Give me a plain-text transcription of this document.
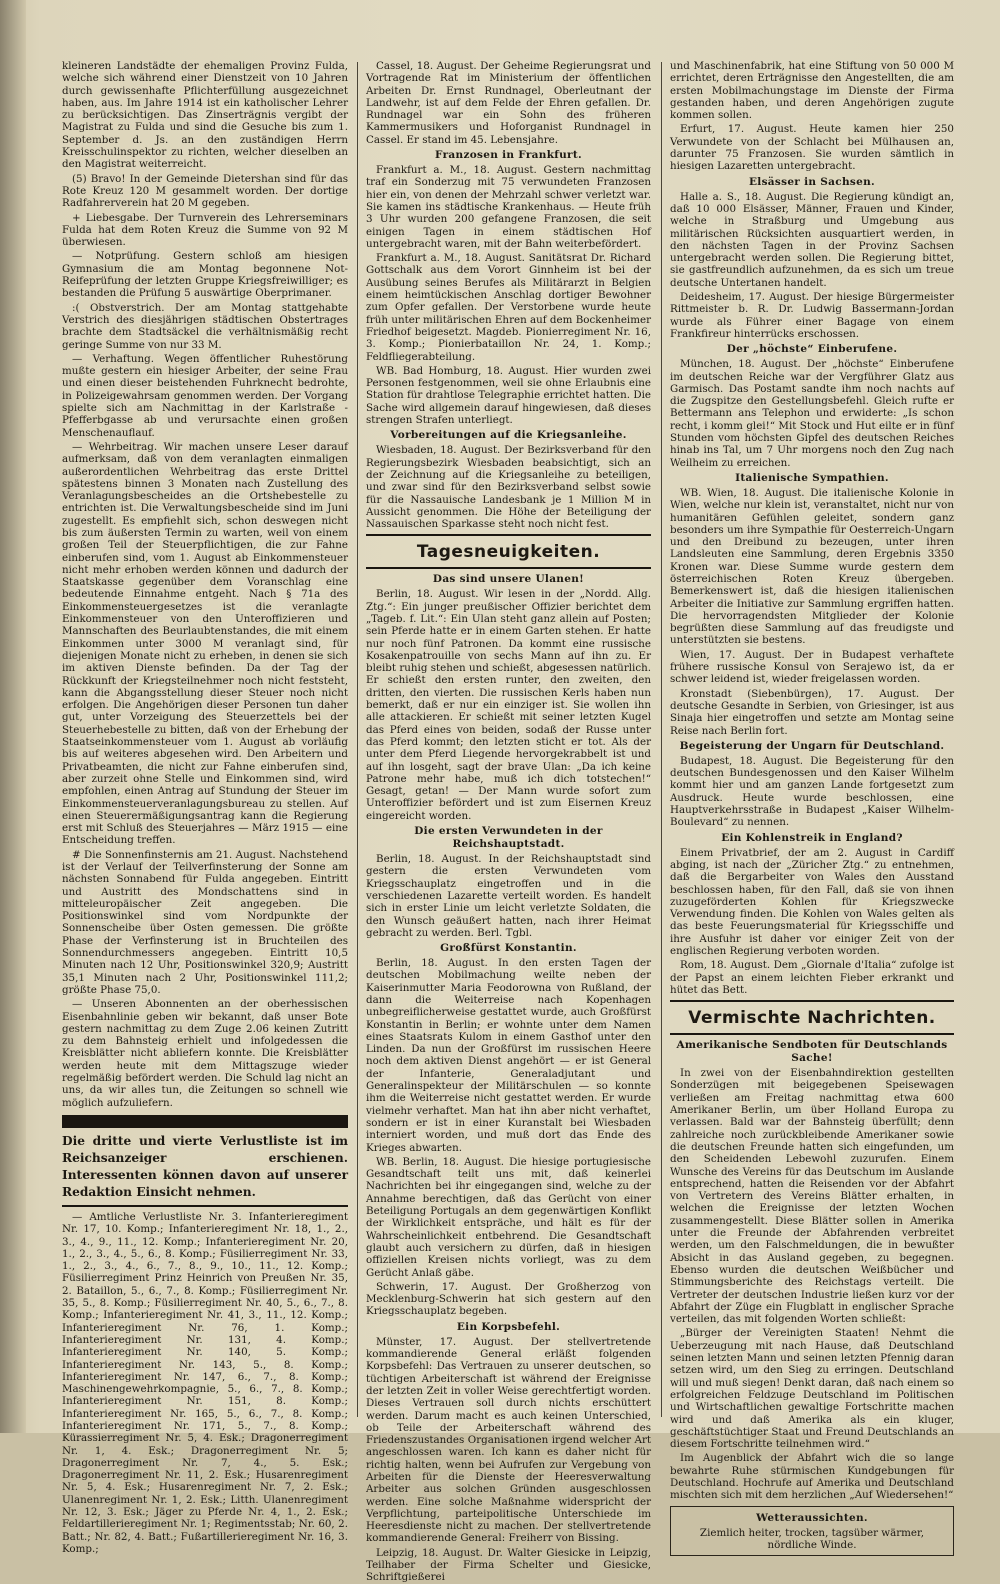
kleineren Landstädte der ehemaligen Provinz Fulda, welche sich während einer Dienstzeit von 10 Jahren durch gewissenhafte Pflichterfüllung ausgezeichnet haben, aus. Im Jahre 1914 ist ein katholischer Lehrer zu berücksichtigen. Das Zinserträgnis vergibt der Magistrat zu Fulda und sind die Gesuche bis zum 1. September d. Js. an den zuständigen Herrn Kreisschulinspektor zu richten, welcher dieselben an den Magistrat weiterreicht.

(5) Bravo! In der Gemeinde Dietershan sind für das Rote Kreuz 120 M gesammelt worden. Der dortige Radfahrerverein hat 20 M gegeben.

+ Liebesgabe. Der Turnverein des Lehrerseminars Fulda hat dem Roten Kreuz die Summe von 92 M überwiesen.

— Notprüfung. Gestern schloß am hiesigen Gymnasium die am Montag begonnene Not-Reifeprüfung der letzten Gruppe Kriegsfreiwilliger; es bestanden die Prüfung 5 auswärtige Oberprimaner.

:( Obstverstrich. Der am Montag stattgehabte Verstrich des diesjährigen städtischen Obstertrages brachte dem Stadtsäckel die verhältnismäßig recht geringe Summe von nur 33 M.

— Verhaftung. Wegen öffentlicher Ruhestörung mußte gestern ein hiesiger Arbeiter, der seine Frau und einen dieser beistehenden Fuhrknecht bedrohte, in Polizeigewahrsam genommen werden. Der Vorgang spielte sich am Nachmittag in der Karlstraße - Pfefferbgasse ab und verursachte einen großen Menschenauflauf.

— Wehrbeitrag. Wir machen unsere Leser darauf aufmerksam, daß von dem veranlagten einmaligen außerordentlichen Wehrbeitrag das erste Drittel spätestens binnen 3 Monaten nach Zustellung des Veranlagungsbescheides an die Ortshebestelle zu entrichten ist. Die Verwaltungsbescheide sind im Juni zugestellt. Es empfiehlt sich, schon deswegen nicht bis zum äußersten Termin zu warten, weil von einem großen Teil der Steuerpflichtigen, die zur Fahne einberufen sind, vom 1. August ab Einkommensteuer nicht mehr erhoben werden können und dadurch der Staatskasse gegenüber dem Voranschlag eine bedeutende Einnahme entgeht. Nach § 71a des Einkommensteuergesetzes ist die veranlagte Einkommensteuer von den Unteroffizieren und Mannschaften des Beurlaubtenstandes, die mit einem Einkommen unter 3000 M veranlagt sind, für diejenigen Monate nicht zu erheben, in denen sie sich im aktiven Dienste befinden. Da der Tag der Rückkunft der Kriegsteilnehmer noch nicht feststeht, kann die Abgangsstellung dieser Steuer noch nicht erfolgen. Die Angehörigen dieser Personen tun daher gut, unter Vorzeigung des Steuerzettels bei der Steuerhebestelle zu bitten, daß von der Erhebung der Staatseinkommensteuer vom 1. August ab vorläufig bis auf weiteres abgesehen wird. Den Arbeitern und Privatbeamten, die nicht zur Fahne einberufen sind, aber zurzeit ohne Stelle und Einkommen sind, wird empfohlen, einen Antrag auf Stundung der Steuer im Einkommensteuerveranlagungsbureau zu stellen. Auf einen Steuerermäßigungsantrag kann die Regierung erst mit Schluß des Steuerjahres — März 1915 — eine Entscheidung treffen.

# Die Sonnenfinsternis am 21. August. Nachstehend ist der Verlauf der Teilverfinsterung der Sonne am nächsten Sonnabend für Fulda angegeben. Eintritt und Austritt des Mondschattens sind in mitteleuropäischer Zeit angegeben. Die Positionswinkel sind vom Nordpunkte der Sonnenscheibe über Osten gemessen. Die größte Phase der Verfinsterung ist in Bruchteilen des Sonnendurchmessers angegeben. Eintritt 10,5 Minuten nach 12 Uhr, Positionswinkel 320,9; Austritt 35,1 Minuten nach 2 Uhr, Positionswinkel 111,2; größte Phase 75,0.

— Unseren Abonnenten an der oberhessischen Eisenbahnlinie geben wir bekannt, daß unser Bote gestern nachmittag zu dem Zuge 2.06 keinen Zutritt zu dem Bahnsteig erhielt und infolgedessen die Kreisblätter nicht abliefern konnte. Die Kreisblätter werden heute mit dem Mittagszuge wieder regelmäßig befördert werden. Die Schuld lag nicht an uns, da wir alles tun, die Zeitungen so schnell wie möglich aufzuliefern.

Die dritte und vierte Verlustliste ist im Reichsanzeiger erschienen. Interessenten können davon auf unserer Redaktion Einsicht nehmen.

— Amtliche Verlustliste Nr. 3. Infanterieregiment Nr. 17, 10. Komp.; Infanterieregiment Nr. 18, 1., 2., 3., 4., 9., 11., 12. Komp.; Infanterieregiment Nr. 20, 1., 2., 3., 4., 5., 6., 8. Komp.; Füsilierregiment Nr. 33, 1., 2., 3., 4., 6., 7., 8., 9., 10., 11., 12. Komp.; Füsilierregiment Prinz Heinrich von Preußen Nr. 35, 2. Bataillon, 5., 6., 7., 8. Komp.; Füsilierregiment Nr. 35, 5., 8. Komp.; Füsilierregiment Nr. 40, 5., 6., 7., 8. Komp.; Infanterieregiment Nr. 41, 3., 11., 12. Komp.; Infanterieregiment Nr. 76, 1. Komp.; Infanterieregiment Nr. 131, 4. Komp.; Infanterieregiment Nr. 140, 5. Komp.; Infanterieregiment Nr. 143, 5., 8. Komp.; Infanterieregiment Nr. 147, 6., 7., 8. Komp.; Maschinengewehrkompagnie, 5., 6., 7., 8. Komp.; Infanterieregiment Nr. 151, 8. Komp.; Infanterieregiment Nr. 165, 5., 6., 7., 8. Komp.; Infanterieregiment Nr. 171, 5., 7., 8. Komp.; Kürassierregiment Nr. 5, 4. Esk.; Dragonerregiment Nr. 1, 4. Esk.; Dragonerregiment Nr. 5; Dragonerregiment Nr. 7, 4., 5. Esk.; Dragonerregiment Nr. 11, 2. Esk.; Husarenregiment Nr. 5, 4. Esk.; Husarenregiment Nr. 7, 2. Esk.; Ulanenregiment Nr. 1, 2. Esk.; Litth. Ulanenregiment Nr. 12, 3. Esk.; Jäger zu Pferde Nr. 4, 1., 2. Esk.; Feldartillerieregiment Nr. 1; Regimentsstab; Nr. 60, 2. Batt.; Nr. 82, 4. Batt.; Fußartillerieregiment Nr. 16, 3. Komp.;

Cassel, 18. August. Der Geheime Regierungsrat und Vortragende Rat im Ministerium der öffentlichen Arbeiten Dr. Ernst Rundnagel, Oberleutnant der Landwehr, ist auf dem Felde der Ehren gefallen. Dr. Rundnagel war ein Sohn des früheren Kammermusikers und Hoforganist Rundnagel in Cassel. Er stand im 45. Lebensjahre.

Franzosen in Frankfurt.

Frankfurt a. M., 18. August. Gestern nachmittag traf ein Sonderzug mit 75 verwundeten Franzosen hier ein, von denen der Mehrzahl schwer verletzt war. Sie kamen ins städtische Krankenhaus. — Heute früh 3 Uhr wurden 200 gefangene Franzosen, die seit einigen Tagen in einem städtischen Hof untergebracht waren, mit der Bahn weiterbefördert.

Frankfurt a. M., 18. August. Sanitätsrat Dr. Richard Gottschalk aus dem Vorort Ginnheim ist bei der Ausübung seines Berufes als Militärarzt in Belgien einem heimtückischen Anschlag dortiger Bewohner zum Opfer gefallen. Der Verstorbene wurde heute früh unter militärischen Ehren auf dem Bockenheimer Friedhof beigesetzt. Magdeb. Pionierregiment Nr. 16, 3. Komp.; Pionierbataillon Nr. 24, 1. Komp.; Feldfliegerabteilung.

WB. Bad Homburg, 18. August. Hier wurden zwei Personen festgenommen, weil sie ohne Erlaubnis eine Station für drahtlose Telegraphie errichtet hatten. Die Sache wird allgemein darauf hingewiesen, daß dieses strengen Strafen unterliegt.

Vorbereitungen auf die Kriegsanleihe.

Wiesbaden, 18. August. Der Bezirksverband für den Regierungsbezirk Wiesbaden beabsichtigt, sich an der Zeichnung auf die Kriegsanleihe zu beteiligen, und zwar sind für den Bezirksverband selbst sowie für die Nassauische Landesbank je 1 Million M in Aussicht genommen. Die Höhe der Beteiligung der Nassauischen Sparkasse steht noch nicht fest.

Tagesneuigkeiten.
Das sind unsere Ulanen!

Berlin, 18. August. Wir lesen in der „Nordd. Allg. Ztg.“: Ein junger preußischer Offizier berichtet dem „Tageb. f. Lit.“: Ein Ulan steht ganz allein auf Posten; sein Pferde hatte er in einem Garten stehen. Er hatte nur noch fünf Patronen. Da kommt eine russische Kosakenpatrouille von sechs Mann auf ihn zu. Er bleibt ruhig stehen und schießt, abgesessen natürlich. Er schießt den ersten runter, den zweiten, den dritten, den vierten. Die russischen Kerls haben nun bemerkt, daß er nur ein einziger ist. Sie wollen ihn alle attackieren. Er schießt mit seiner letzten Kugel das Pferd eines von beiden, sodaß der Russe unter das Pferd kommt; den letzten sticht er tot. Als der unter dem Pferd Liegende hervorgekrabbelt ist und auf ihn losgeht, sagt der brave Ulan: „Da ich keine Patrone mehr habe, muß ich dich totstechen!“ Gesagt, getan! — Der Mann wurde sofort zum Unteroffizier befördert und ist zum Eisernen Kreuz eingereicht worden.

Die ersten Verwundeten in der Reichshauptstadt.

Berlin, 18. August. In der Reichshauptstadt sind gestern die ersten Verwundeten vom Kriegsschauplatz eingetroffen und in die verschiedenen Lazarette verteilt worden. Es handelt sich in erster Linie um leicht verletzte Soldaten, die den Wunsch geäußert hatten, nach ihrer Heimat gebracht zu werden. Berl. Tgbl.

Großfürst Konstantin.

Berlin, 18. August. In den ersten Tagen der deutschen Mobilmachung weilte neben der Kaiserinmutter Maria Feodorowna von Rußland, der dann die Weiterreise nach Kopenhagen unbegreiflicherweise gestattet wurde, auch Großfürst Konstantin in Berlin; er wohnte unter dem Namen eines Staatsrats Kulom in einem Gasthof unter den Linden. Da nun der Großfürst im russischen Heere noch dem aktiven Dienst angehört — er ist General der Infanterie, Generaladjutant und Generalinspekteur der Militärschulen — so konnte ihm die Weiterreise nicht gestattet werden. Er wurde vielmehr verhaftet. Man hat ihn aber nicht verhaftet, sondern er ist in einer Kuranstalt bei Wiesbaden interniert worden, und muß dort das Ende des Krieges abwarten.

WB. Berlin, 18. August. Die hiesige portugiesische Gesandtschaft teilt uns mit, daß keinerlei Nachrichten bei ihr eingegangen sind, welche zu der Annahme berechtigen, daß das Gerücht von einer Beteiligung Portugals an dem gegenwärtigen Konflikt der Wirklichkeit entspräche, und hält es für der Wahrscheinlichkeit entbehrend. Die Gesandtschaft glaubt auch versichern zu dürfen, daß in hiesigen offiziellen Kreisen nichts vorliegt, was zu dem Gerücht Anlaß gäbe.

Schwerin, 17. August. Der Großherzog von Mecklenburg-Schwerin hat sich gestern auf den Kriegsschauplatz begeben.

Ein Korpsbefehl.

Münster, 17. August. Der stellvertretende kommandierende General erläßt folgenden Korpsbefehl: Das Vertrauen zu unserer deutschen, so tüchtigen Arbeiterschaft ist während der Ereignisse der letzten Zeit in voller Weise gerechtfertigt worden. Dieses Vertrauen soll durch nichts erschüttert werden. Darum macht es auch keinen Unterschied, ob Teile der Arbeiterschaft während des Friedenszustandes Organisationen irgend welcher Art angeschlossen waren. Ich kann es daher nicht für richtig halten, wenn bei Aufrufen zur Vergebung von Arbeiten für die Dienste der Heeresverwaltung Arbeiter aus solchen Gründen ausgeschlossen werden. Eine solche Maßnahme widerspricht der Verpflichtung, parteipolitische Unterschiede im Heeresdienste nicht zu machen. Der stellvertretende kommandierende General: Freiherr von Bissing.

Leipzig, 18. August. Dr. Walter Giesicke in Leipzig, Teilhaber der Firma Schelter und Giesicke, Schriftgießerei

und Maschinenfabrik, hat eine Stiftung von 50 000 M errichtet, deren Erträgnisse den Angestellten, die am ersten Mobilmachungstage im Dienste der Firma gestanden haben, und deren Angehörigen zugute kommen sollen.

Erfurt, 17. August. Heute kamen hier 250 Verwundete von der Schlacht bei Mülhausen an, darunter 75 Franzosen. Sie wurden sämtlich in hiesigen Lazaretten untergebracht.

Elsässer in Sachsen.

Halle a. S., 18. August. Die Regierung kündigt an, daß 10 000 Elsässer, Männer, Frauen und Kinder, welche in Straßburg und Umgebung aus militärischen Rücksichten ausquartiert werden, in den nächsten Tagen in der Provinz Sachsen untergebracht werden sollen. Die Regierung bittet, sie gastfreundlich aufzunehmen, da es sich um treue deutsche Untertanen handelt.

Deidesheim, 17. August. Der hiesige Bürgermeister Rittmeister b. R. Dr. Ludwig Bassermann-Jordan wurde als Führer einer Bagage von einem Frankfireur hinterrücks erschossen.

Der „höchste“ Einberufene.

München, 18. August. Der „höchste“ Einberufene im deutschen Reiche war der Vergführer Glatz aus Garmisch. Das Postamt sandte ihm noch nachts auf die Zugspitze den Gestellungsbefehl. Gleich rufte er Bettermann ans Telephon und erwiderte: „Is schon recht, i komm glei!“ Mit Stock und Hut eilte er in fünf Stunden vom höchsten Gipfel des deutschen Reiches hinab ins Tal, um 7 Uhr morgens noch den Zug nach Weilheim zu erreichen.

Italienische Sympathien.

WB. Wien, 18. August. Die italienische Kolonie in Wien, welche nur klein ist, veranstaltet, nicht nur von humanitären Gefühlen geleitet, sondern ganz besonders um ihre Sympathie für Oesterreich-Ungarn und den Dreibund zu bezeugen, unter ihren Landsleuten eine Sammlung, deren Ergebnis 3350 Kronen war. Diese Summe wurde gestern dem österreichischen Roten Kreuz übergeben. Bemerkenswert ist, daß die hiesigen italienischen Arbeiter die Initiative zur Sammlung ergriffen hatten. Die hervorragendsten Mitglieder der Kolonie begrüßten diese Sammlung auf das freudigste und unterstützten sie bestens.

Wien, 17. August. Der in Budapest verhaftete frühere russische Konsul von Serajewo ist, da er schwer leidend ist, wieder freigelassen worden.

Kronstadt (Siebenbürgen), 17. August. Der deutsche Gesandte in Serbien, von Griesinger, ist aus Sinaja hier eingetroffen und setzte am Montag seine Reise nach Berlin fort.

Begeisterung der Ungarn für Deutschland.

Budapest, 18. August. Die Begeisterung für den deutschen Bundesgenossen und den Kaiser Wilhelm kommt hier und am ganzen Lande fortgesetzt zum Ausdruck. Heute wurde beschlossen, eine Hauptverkehrsstraße in Budapest „Kaiser Wilhelm-Boulevard“ zu nennen.

Ein Kohlenstreik in England?

Einem Privatbrief, der am 2. August in Cardiff abging, ist nach der „Züricher Ztg.“ zu entnehmen, daß die Bergarbeiter von Wales den Ausstand beschlossen haben, für den Fall, daß sie von ihnen zuzugeförderten Kohlen für Kriegszwecke Verwendung finden. Die Kohlen von Wales gelten als das beste Feuerungsmaterial für Kriegsschiffe und ihre Ausfuhr ist daher vor einiger Zeit von der englischen Regierung verboten worden.

Rom, 18. August. Dem „Giornale d'Italia“ zufolge ist der Papst an einem leichten Fieber erkrankt und hütet das Bett.

Vermischte Nachrichten.
Amerikanische Sendboten für Deutschlands Sache!

In zwei von der Eisenbahndirektion gestellten Sonderzügen mit beigegebenen Speisewagen verließen am Freitag nachmittag etwa 600 Amerikaner Berlin, um über Holland Europa zu verlassen. Bald war der Bahnsteig überfüllt; denn zahlreiche noch zurückbleibende Amerikaner sowie die deutschen Freunde hatten sich eingefunden, um den Scheidenden Lebewohl zuzurufen. Einem Wunsche des Vereins für das Deutschum im Auslande entsprechend, hatten die Reisenden vor der Abfahrt von Vertretern des Vereins Blätter erhalten, in welchen die Ereignisse der letzten Wochen zusammengestellt. Diese Blätter sollen in Amerika unter die Freunde der Abfahrenden verbreitet werden, um den Falschmeldungen, die in bewußter Absicht in das Ausland gegeben, zu begegnen. Ebenso wurden die deutschen Weißbücher und Stimmungsberichte des Reichstags verteilt. Die Vertreter der deutschen Industrie ließen kurz vor der Abfahrt der Züge ein Flugblatt in englischer Sprache verteilen, das mit folgenden Worten schließt:

„Bürger der Vereinigten Staaten! Nehmt die Ueberzeugung mit nach Hause, daß Deutschland seinen letzten Mann und seinen letzten Pfennig daran setzen wird, um den Sieg zu erringen. Deutschland will und muß siegen! Denkt daran, daß nach einem so erfolgreichen Feldzuge Deutschland im Politischen und Wirtschaftlichen gewaltige Fortschritte machen wird und daß Amerika als ein kluger, geschäftstüchtiger Staat und Freund Deutschlands an diesem Fortschritte teilnehmen wird.“

Im Augenblick der Abfahrt wich die so lange bewahrte Ruhe stürmischen Kundgebungen für Deutschland. Hochrufe auf Amerika und Deutschland mischten sich mit dem herzlichen „Auf Wiedersehen!“

Wetteraussichten.

Ziemlich heiter, trocken, tagsüber wärmer, nördliche Winde.
